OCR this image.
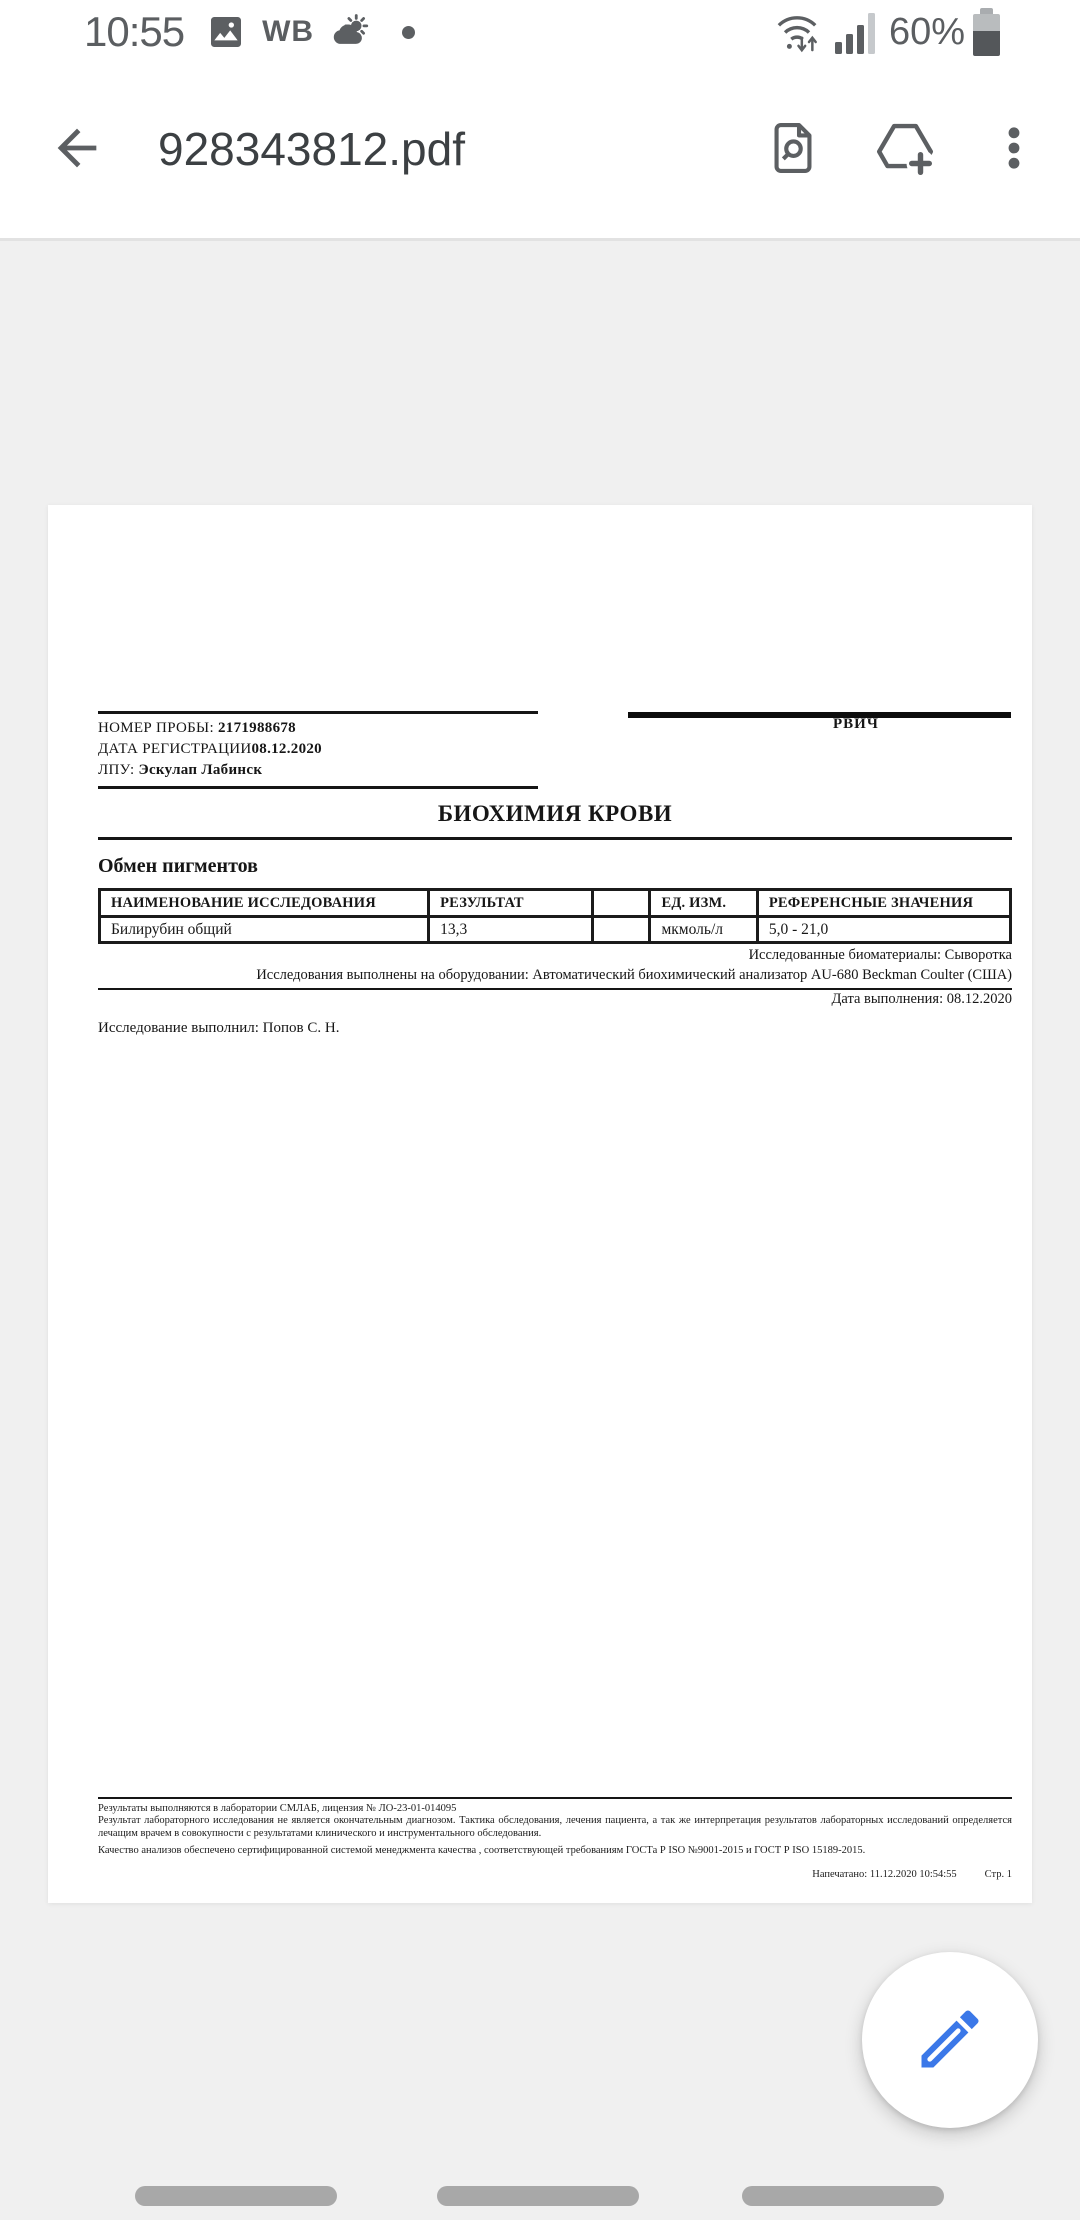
10:55	WB	60%
928343812.pdf
НОМЕР ПРОБЫ: 2171988678
ДАТА РЕГИСТРАЦИИ08.12.2020
ЛПУ: Эскулап Лабинск
РВИЧ
БИОХИМИЯ КРОВИ
Обмен пигментов
НАИМЕНОВАНИЕ ИССЛЕДОВАНИЯ	РЕЗУЛЬТАТ		ЕД. ИЗМ.	РЕФЕРЕНСНЫЕ ЗНАЧЕНИЯ
Билирубин общий	13,3		мкмоль/л	5,0 - 21,0

Исследованные биоматериалы: Сыворотка

Исследования выполнены на оборудовании: Автоматический биохимический анализатор AU-680 Beckman Coulter (США)

Дата выполнения: 08.12.2020

Исследование выполнил: Попов С. Н.

Результаты выполняются в лаборатории СМЛАБ, лицензия № ЛО-23-01-014095

Результат лабораторного исследования не является окончательным диагнозом. Тактика обследования, лечения пациента, а так же интерпретация результатов лабораторных исследований определяется лечащим врачем в совокупности с результатами клинического и инструментального обследования.

Качество анализов обеспечено сертифицированной системой менеджмента качества , соответствующей требованиям ГОСТа Р ISO №9001-2015 и ГОСТ Р ISO 15189-2015.

Напечатано: 11.12.2020 10:54:55	Стр. 1
